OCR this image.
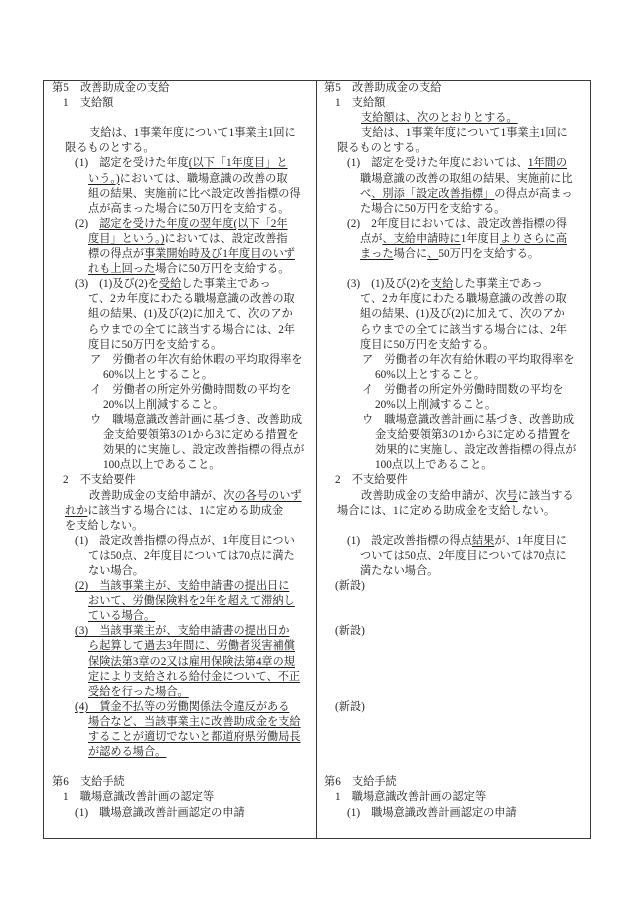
第5　改善助成金の支給
1　支給額
支給は、1事業年度について1事業主1回に
限るものとする。
(1)　認定を受けた年度(以下「1年度目」と
いう。)においては、職場意識の改善の取
組の結果、実施前に比べ設定改善指標の得
点が高まった場合に50万円を支給する。
(2)　認定を受けた年度の翌年度(以下「2年
度目」という。)においては、設定改善指
標の得点が事業開始時及び1年度目のいず
れも上回った場合に50万円を支給する。
(3)　(1)及び(2)を受給した事業主であっ
て、2カ年度にわたる職場意識の改善の取
組の結果、(1)及び(2)に加えて、次のアか
らウまでの全てに該当する場合には、2年
度目に50万円を支給する。
ア　労働者の年次有給休暇の平均取得率を
60%以上とすること。
イ　労働者の所定外労働時間数の平均を
20%以上削減すること。
ウ　職場意識改善計画に基づき、改善助成
金支給要領第3の1から3に定める措置を
効果的に実施し、設定改善指標の得点が
100点以上であること。
2　不支給要件
改善助成金の支給申請が、次の各号のいず
れかに該当する場合には、1に定める助成金
を支給しない。
(1)　設定改善指標の得点が、1年度目につい
ては50点、2年度目については70点に満た
ない場合。
(2)　当該事業主が、支給申請書の提出日に
おいて、労働保険料を2年を超えて滞納し
ている場合。
(3)　当該事業主が、支給申請書の提出日か
ら起算して過去3年間に、労働者災害補償
保険法第3章の2又は雇用保険法第4章の規
定により支給される給付金について、不正
受給を行った場合。
(4)　賃金不払等の労働関係法令違反がある
場合など、当該事業主に改善助成金を支給
することが適切でないと都道府県労働局長
が認める場合。
第6　支給手続
1　職場意識改善計画の認定等
(1)　職場意識改善計画認定の申請
第5　改善助成金の支給
1　支給額
支給額は、次のとおりとする。
支給は、1事業年度について1事業主1回に
限るものとする。
(1)　認定を受けた年度においては、1年間の
職場意識の改善の取組の結果、実施前に比
べ、別添「設定改善指標」の得点が高まっ
た場合に50万円を支給する。
(2)　2年度目においては、設定改善指標の得
点が、支給申請時に1年度目よりさらに高
まった場合に、50万円を支給する。
(3)　(1)及び(2)を支給した事業主であっ
て、2カ年度にわたる職場意識の改善の取
組の結果、(1)及び(2)に加えて、次のアか
らウまでの全てに該当する場合には、2年
度目に50万円を支給する。
ア　労働者の年次有給休暇の平均取得率を
60%以上とすること。
イ　労働者の所定外労働時間数の平均を
20%以上削減すること。
ウ　職場意識改善計画に基づき、改善助成
金支給要領第3の1から3に定める措置を
効果的に実施し、設定改善指標の得点が
100点以上であること。
2　不支給要件
改善助成金の支給申請が、次号に該当する
場合には、1に定める助成金を支給しない。
(1)　設定改善指標の得点結果が、1年度目に
ついては50点、2年度目については70点に
満たない場合。
(新設)
(新設)
(新設)
第6　支給手続
1　職場意識改善計画の認定等
(1)　職場意識改善計画認定の申請
